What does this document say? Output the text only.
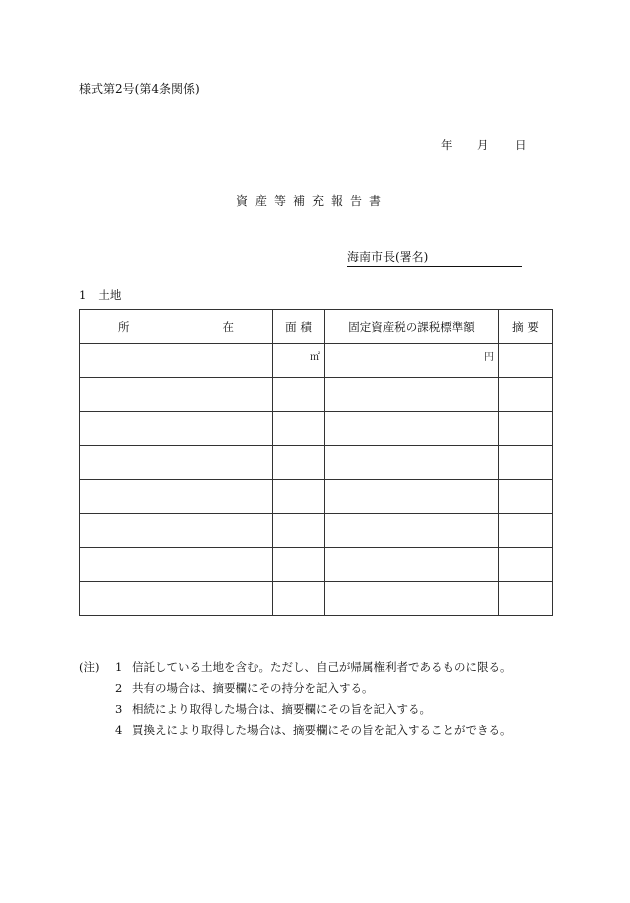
様式第2号(第4条関係)
年 月 日
資産等補充報告書
海南市長(署名)
1 土地
所 在	面 積	固定資産税の課税標準額	摘 要
	㎡	円	

(注)	1 信託している土地を含む。ただし、自己が帰属権利者であるものに限る。
2 共有の場合は、摘要欄にその持分を記入する。
3 相続により取得した場合は、摘要欄にその旨を記入する。
4 買換えにより取得した場合は、摘要欄にその旨を記入することができる。
